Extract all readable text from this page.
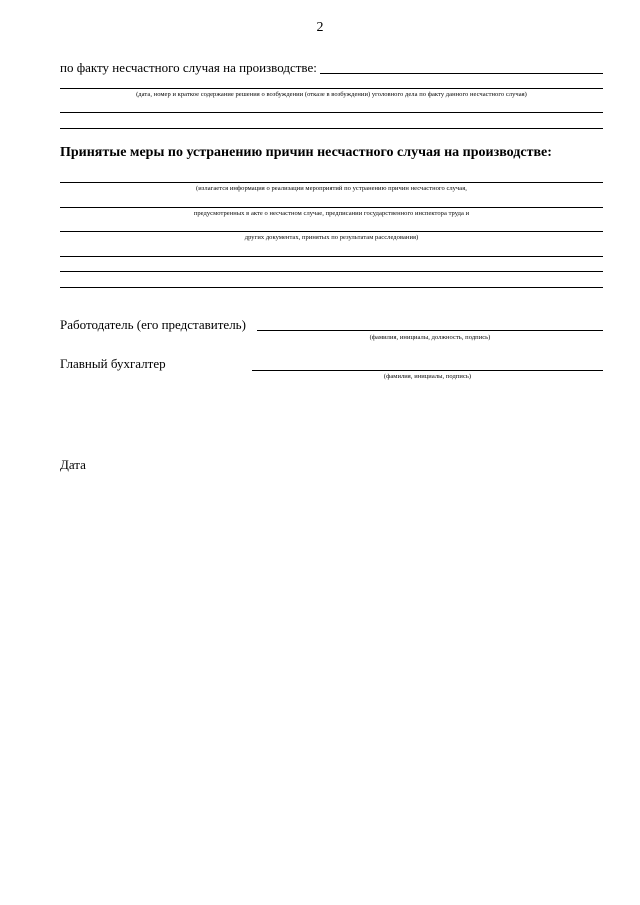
2
по факту несчастного случая на производстве:
(дата, номер и краткое содержание решения о возбуждении (отказе в возбуждении) уголовного дела по факту данного несчастного случая)
Принятые меры по устранению причин несчастного случая на производстве:
(излагается информация о реализации мероприятий по устранению причин несчастного случая,
предусмотренных в акте о несчастном случае, предписании государственного инспектора труда и
других документах, принятых по результатам расследования)
Работодатель (его представитель)
(фамилия, инициалы, должность, подпись)
Главный бухгалтер
(фамилия, инициалы, подпись)
Дата
